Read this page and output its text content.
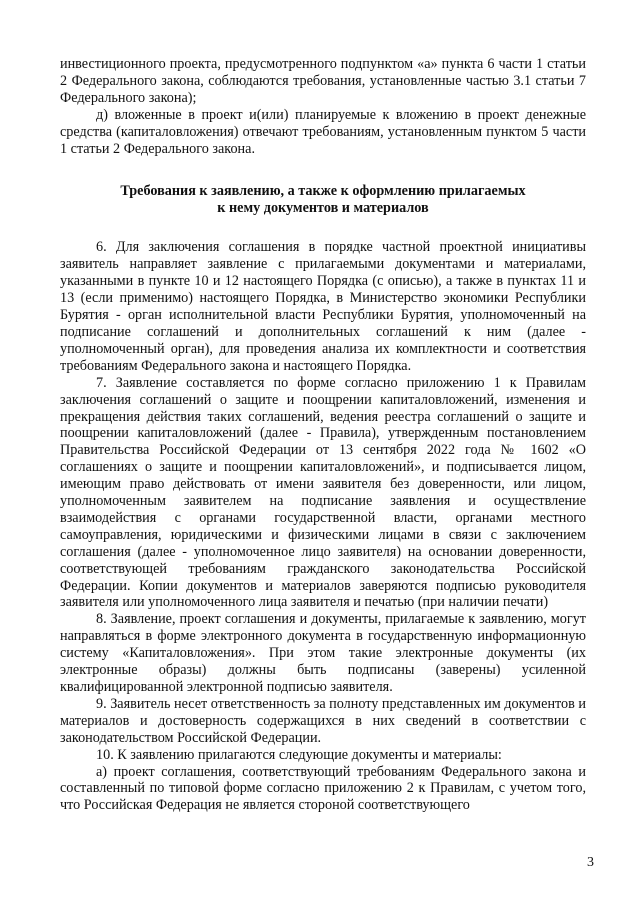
инвестиционного проекта, предусмотренного подпунктом «а» пункта 6 части 1 статьи 2 Федерального закона, соблюдаются требования, установленные частью 3.1 статьи 7 Федерального закона);

д) вложенные в проект и(или) планируемые к вложению в проект денежные средства (капиталовложения) отвечают требованиям, установленным пунктом 5 части 1 статьи 2 Федерального закона.

Требования к заявлению, а также к оформлению прилагаемых
к нему документов и материалов

6. Для заключения соглашения в порядке частной проектной инициативы заявитель направляет заявление с прилагаемыми документами и материалами, указанными в пункте 10 и 12 настоящего Порядка (с описью), а также в пунктах 11 и 13 (если применимо) настоящего Порядка, в Министерство экономики Республики Бурятия - орган исполнительной власти Республики Бурятия, уполномоченный на подписание соглашений и дополнительных соглашений к ним (далее - уполномоченный орган), для проведения анализа их комплектности и соответствия требованиям Федерального закона и настоящего Порядка.

7. Заявление составляется по форме согласно приложению 1 к Правилам заключения соглашений о защите и поощрении капиталовложений, изменения и прекращения действия таких соглашений, ведения реестра соглашений о защите и поощрении капиталовложений (далее - Правила), утвержденным постановлением Правительства Российской Федерации от 13 сентября 2022 года № 1602 «О соглашениях о защите и поощрении капиталовложений», и подписывается лицом, имеющим право действовать от имени заявителя без доверенности, или лицом, уполномоченным заявителем на подписание заявления и осуществление взаимодействия с органами государственной власти, органами местного самоуправления, юридическими и физическими лицами в связи с заключением соглашения (далее - уполномоченное лицо заявителя) на основании доверенности, соответствующей требованиям гражданского законодательства Российской Федерации. Копии документов и материалов заверяются подписью руководителя заявителя или уполномоченного лица заявителя и печатью (при наличии печати)

8. Заявление, проект соглашения и документы, прилагаемые к заявлению, могут направляться в форме электронного документа в государственную информационную систему «Капиталовложения». При этом такие электронные документы (их электронные образы) должны быть подписаны (заверены) усиленной квалифицированной электронной подписью заявителя.

9. Заявитель несет ответственность за полноту представленных им документов и материалов и достоверность содержащихся в них сведений в соответствии с законодательством Российской Федерации.

10. К заявлению прилагаются следующие документы и материалы:

а) проект соглашения, соответствующий требованиям Федерального закона и составленный по типовой форме согласно приложению 2 к Правилам, с учетом того, что Российская Федерация не является стороной соответствующего

3
